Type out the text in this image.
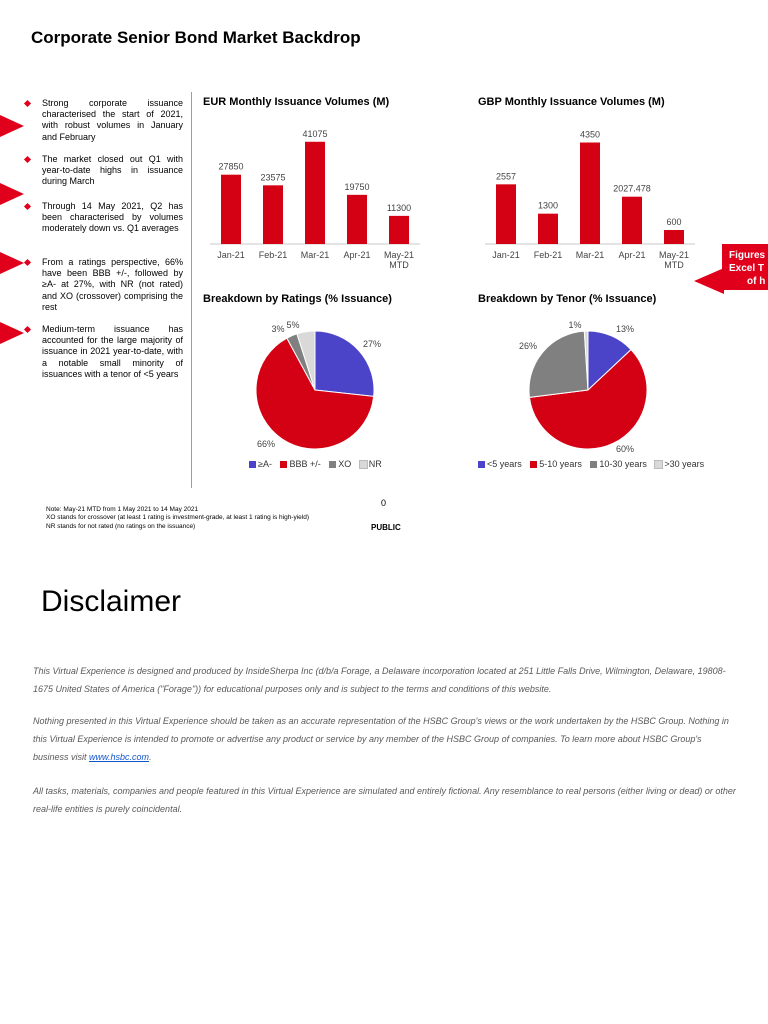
Corporate Senior Bond Market Backdrop
Strong corporate issuance characterised the start of 2021, with robust volumes in January and February
The market closed out Q1 with year-to-date highs in issuance during March
Through 14 May 2021, Q2 has been characterised by volumes moderately down vs. Q1 averages
From a ratings perspective, 66% have been BBB +/-, followed by ≥A- at 27%, with NR (not rated) and XO (crossover) comprising the rest
Medium-term issuance has accounted for the large majority of issuance in 2021 year-to-date, with a notable small minority of issuances with a tenor of <5 years
EUR Monthly Issuance Volumes (M)	GBP Monthly Issuance Volumes (M)
Breakdown by Ratings (% Issuance)	Breakdown by Tenor (% Issuance)
27850
Jan-21
23575
Feb-21
41075
Mar-21
19750
Apr-21
11300
May-21
MTD
2557
Jan-21
1300
Feb-21
4350
Mar-21
2027.478
Apr-21
600
May-21
MTD
27%
66%
3% 5%	13%
60%
26%
1%
≥A- BBB +/- XO NR	<5 years 5-10 years 10-30 years >30 years
Note: May-21 MTD from 1 May 2021 to 14 May 2021
XO stands for crossover (at least 1 rating is investment-grade, at least 1 rating is high-yield)
NR stands for not rated (no ratings on the issuance)
0
PUBLIC
Figures
Excel T
of h
Disclaimer
This Virtual Experience is designed and produced by InsideSherpa Inc (d/b/a Forage, a Delaware incorporation located at 251 Little Falls Drive, Wilmington, Delaware, 19808-1675 United States of America ("Forage")) for educational purposes only and is subject to the terms and conditions of this website.
Nothing presented in this Virtual Experience should be taken as an accurate representation of the HSBC Group's views or the work undertaken by the HSBC Group. Nothing in this Virtual Experience is intended to promote or advertise any product or service by any member of the HSBC Group of companies. To learn more about HSBC Group's business visit www.hsbc.com.
All tasks, materials, companies and people featured in this Virtual Experience are simulated and entirely fictional. Any resemblance to real persons (either living or dead) or other real-life entities is purely coincidental.
